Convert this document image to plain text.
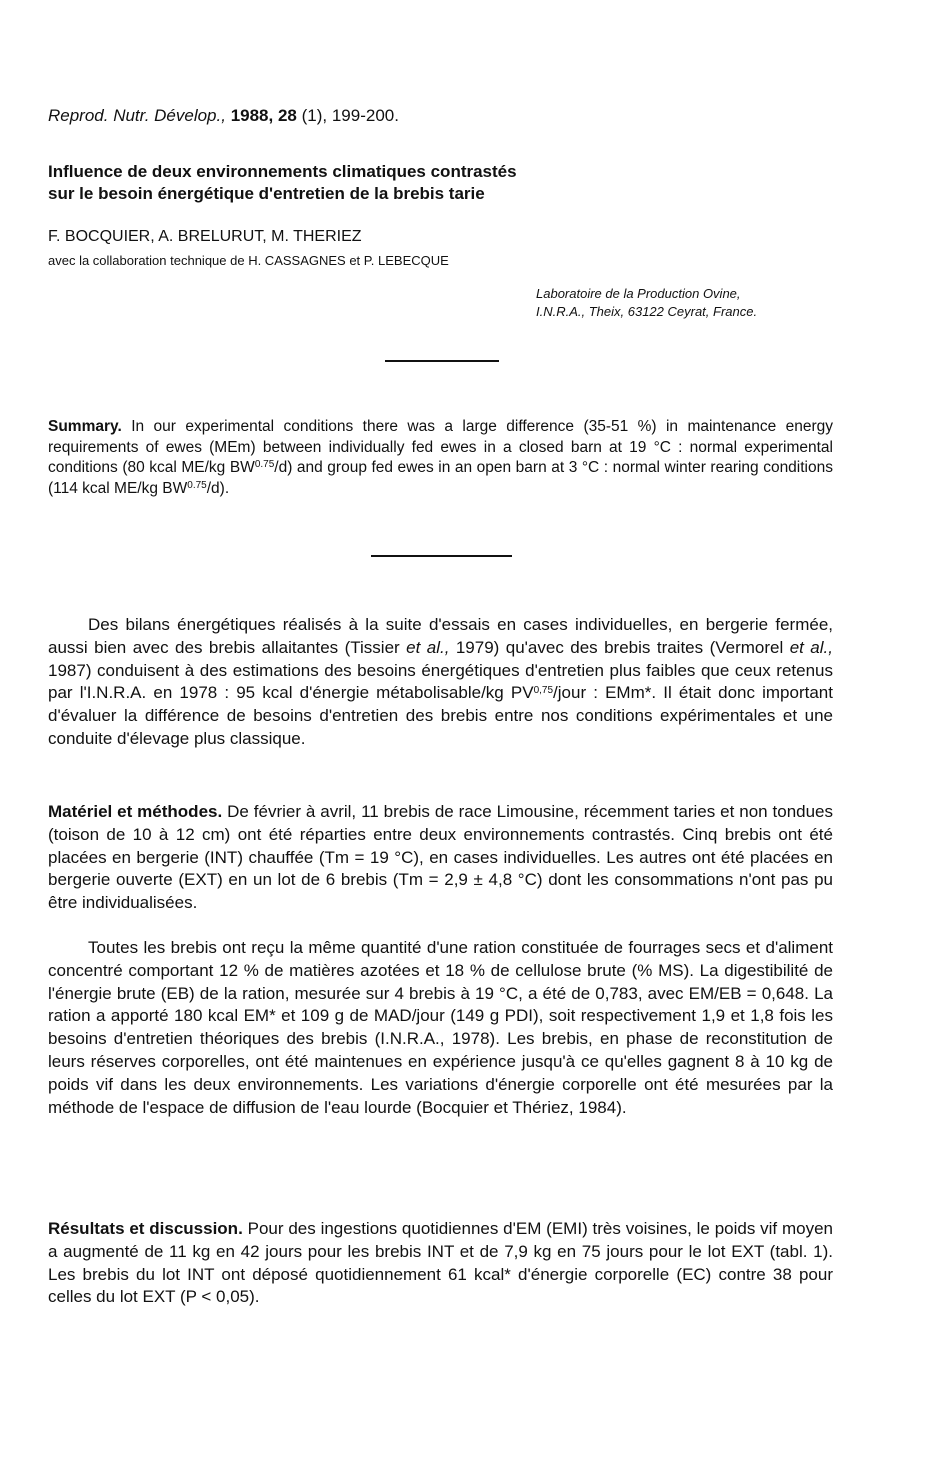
Reprod. Nutr. Dévelop., 1988, 28 (1), 199-200.
Influence de deux environnements climatiques contrastés
sur le besoin énergétique d'entretien de la brebis tarie
F. BOCQUIER, A. BRELURUT, M. THERIEZ
avec la collaboration technique de H. CASSAGNES et P. LEBECQUE
Laboratoire de la Production Ovine,
I.N.R.A., Theix, 63122 Ceyrat, France.
Summary. In our experimental conditions there was a large difference (35-51 %) in maintenance energy requirements of ewes (MEm) between individually fed ewes in a closed barn at 19 °C : normal experimental conditions (80 kcal ME/kg $BW^{0.75}/d$) and group fed ewes in an open barn at 3 °C : normal winter rearing conditions (114 kcal ME/kg $BW^{0.75}/d$).
Des bilans énergétiques réalisés à la suite d'essais en cases individuelles, en bergerie fermée, aussi bien avec des brebis allaitantes (Tissier et al., 1979) qu'avec des brebis traites (Vermorel et al., 1987) conduisent à des estimations des besoins énergétiques d'entretien plus faibles que ceux retenus par l'I.N.R.A. en 1978 : 95 kcal d'énergie métabolisable/kg PV$^{0,75}$/jour : EMm*. Il était donc important d'évaluer la différence de besoins d'entretien des brebis entre nos conditions expérimentales et une conduite d'élevage plus classique.
Matériel et méthodes. De février à avril, 11 brebis de race Limousine, récemment taries et non tondues (toison de 10 à 12 cm) ont été réparties entre deux environnements contrastés. Cinq brebis ont été placées en bergerie (INT) chauffée (Tm = 19 °C), en cases individuelles. Les autres ont été placées en bergerie ouverte (EXT) en un lot de 6 brebis (Tm = 2,9 ± 4,8 °C) dont les consommations n'ont pas pu être individualisées.
Toutes les brebis ont reçu la même quantité d'une ration constituée de fourrages secs et d'aliment concentré comportant 12 % de matières azotées et 18 % de cellulose brute (% MS). La digestibilité de l'énergie brute (EB) de la ration, mesurée sur 4 brebis à 19 °C, a été de 0,783, avec EM/EB = 0,648. La ration a apporté 180 kcal EM* et 109 g de MAD/jour (149 g PDI), soit respectivement 1,9 et 1,8 fois les besoins d'entretien théoriques des brebis (I.N.R.A., 1978). Les brebis, en phase de reconstitution de leurs réserves corporelles, ont été maintenues en expérience jusqu'à ce qu'elles gagnent 8 à 10 kg de poids vif dans les deux environnements. Les variations d'énergie corporelle ont été mesurées par la méthode de l'espace de diffusion de l'eau lourde (Bocquier et Thériez, 1984).
Résultats et discussion. Pour des ingestions quotidiennes d'EM (EMI) très voisines, le poids vif moyen a augmenté de 11 kg en 42 jours pour les brebis INT et de 7,9 kg en 75 jours pour le lot EXT (tabl. 1). Les brebis du lot INT ont déposé quotidiennement 61 kcal* d'énergie corporelle (EC) contre 38 pour celles du lot EXT (P < 0,05).
